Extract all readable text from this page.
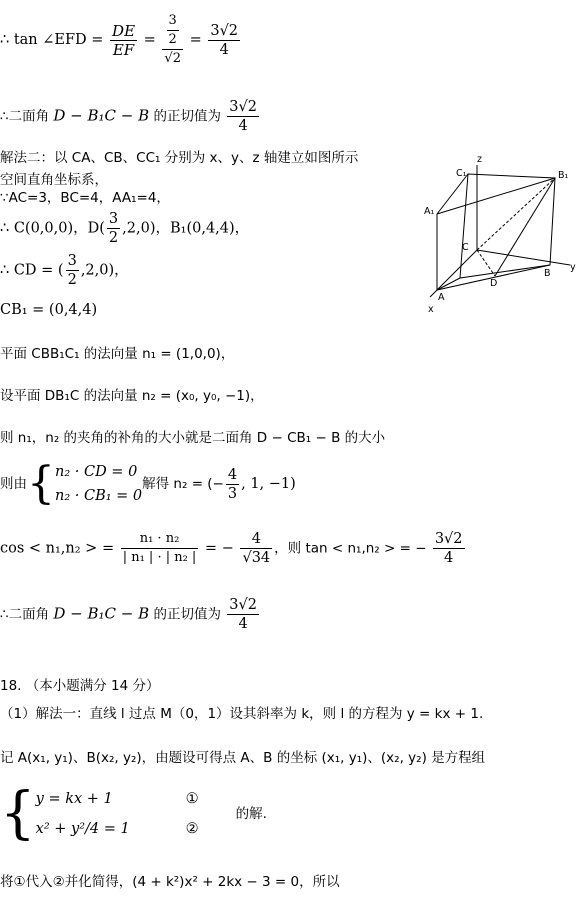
∴ tan ∠EFD = $\frac{DE}{EF} = \frac{\frac{3}{2}}{√2} = \frac{3√2}{4}$
∴二面角 D − B₁C − B 的正切值为 $\frac{3√2}{4}$
解法二：以 CA、CB、CC₁ 分别为 x、y、z 轴建立如图所示
空间直角坐标系，
∵AC=3，BC=4，AA₁=4，
∴ C(0,0,0)，$D( \frac{3}{2} ,2,0)$，B₁(0,4,4)，
∴ CD = ( $\frac{3}{2} ,2,0$)，
CB₁ = (0,4,4)
平面 CBB₁C₁ 的法向量 n₁ = (1,0,0)，
设平面 DB₁C 的法向量 n₂ = (x₀, y₀, −1)，
则 n₁，n₂ 的夹角的补角的大小就是二面角 D − CB₁ − B 的大小
则由{ n₂ · CD = 0
n₂ · CB₁ = 0
解得 n₂ = (− $\frac{4}{3}$ , 1, −1)
cos < n₁,n₂ > = $\frac{\text{n₁ · n₂}}{\text{| n₁ | · | n₂ |}}$ = − $\frac{4}{√34}$ ，则 tan < n₁,n₂ > = − $\frac{3√2}{4}$
∴二面角 D − B₁C − B 的正切值为 $\frac{3√2}{4}$
18. （本小题满分 14 分）
（1）解法一：直线 l 过点 M（0，1）设其斜率为 k，则 l 的方程为 y = kx + 1.
记 A(x₁, y₁)、B(x₂, y₂)，由题设可得点 A、B 的坐标 (x₁, y₁)、(x₂, y₂) 是方程组
{ y = kx + 1
x² + y²/4 = 1
①
②
的解.
将①代入②并化简得，(4 + k²)x² + 2kx − 3 = 0，所以
z
C₁	B₁
A₁
C
B
y
D
A
x
